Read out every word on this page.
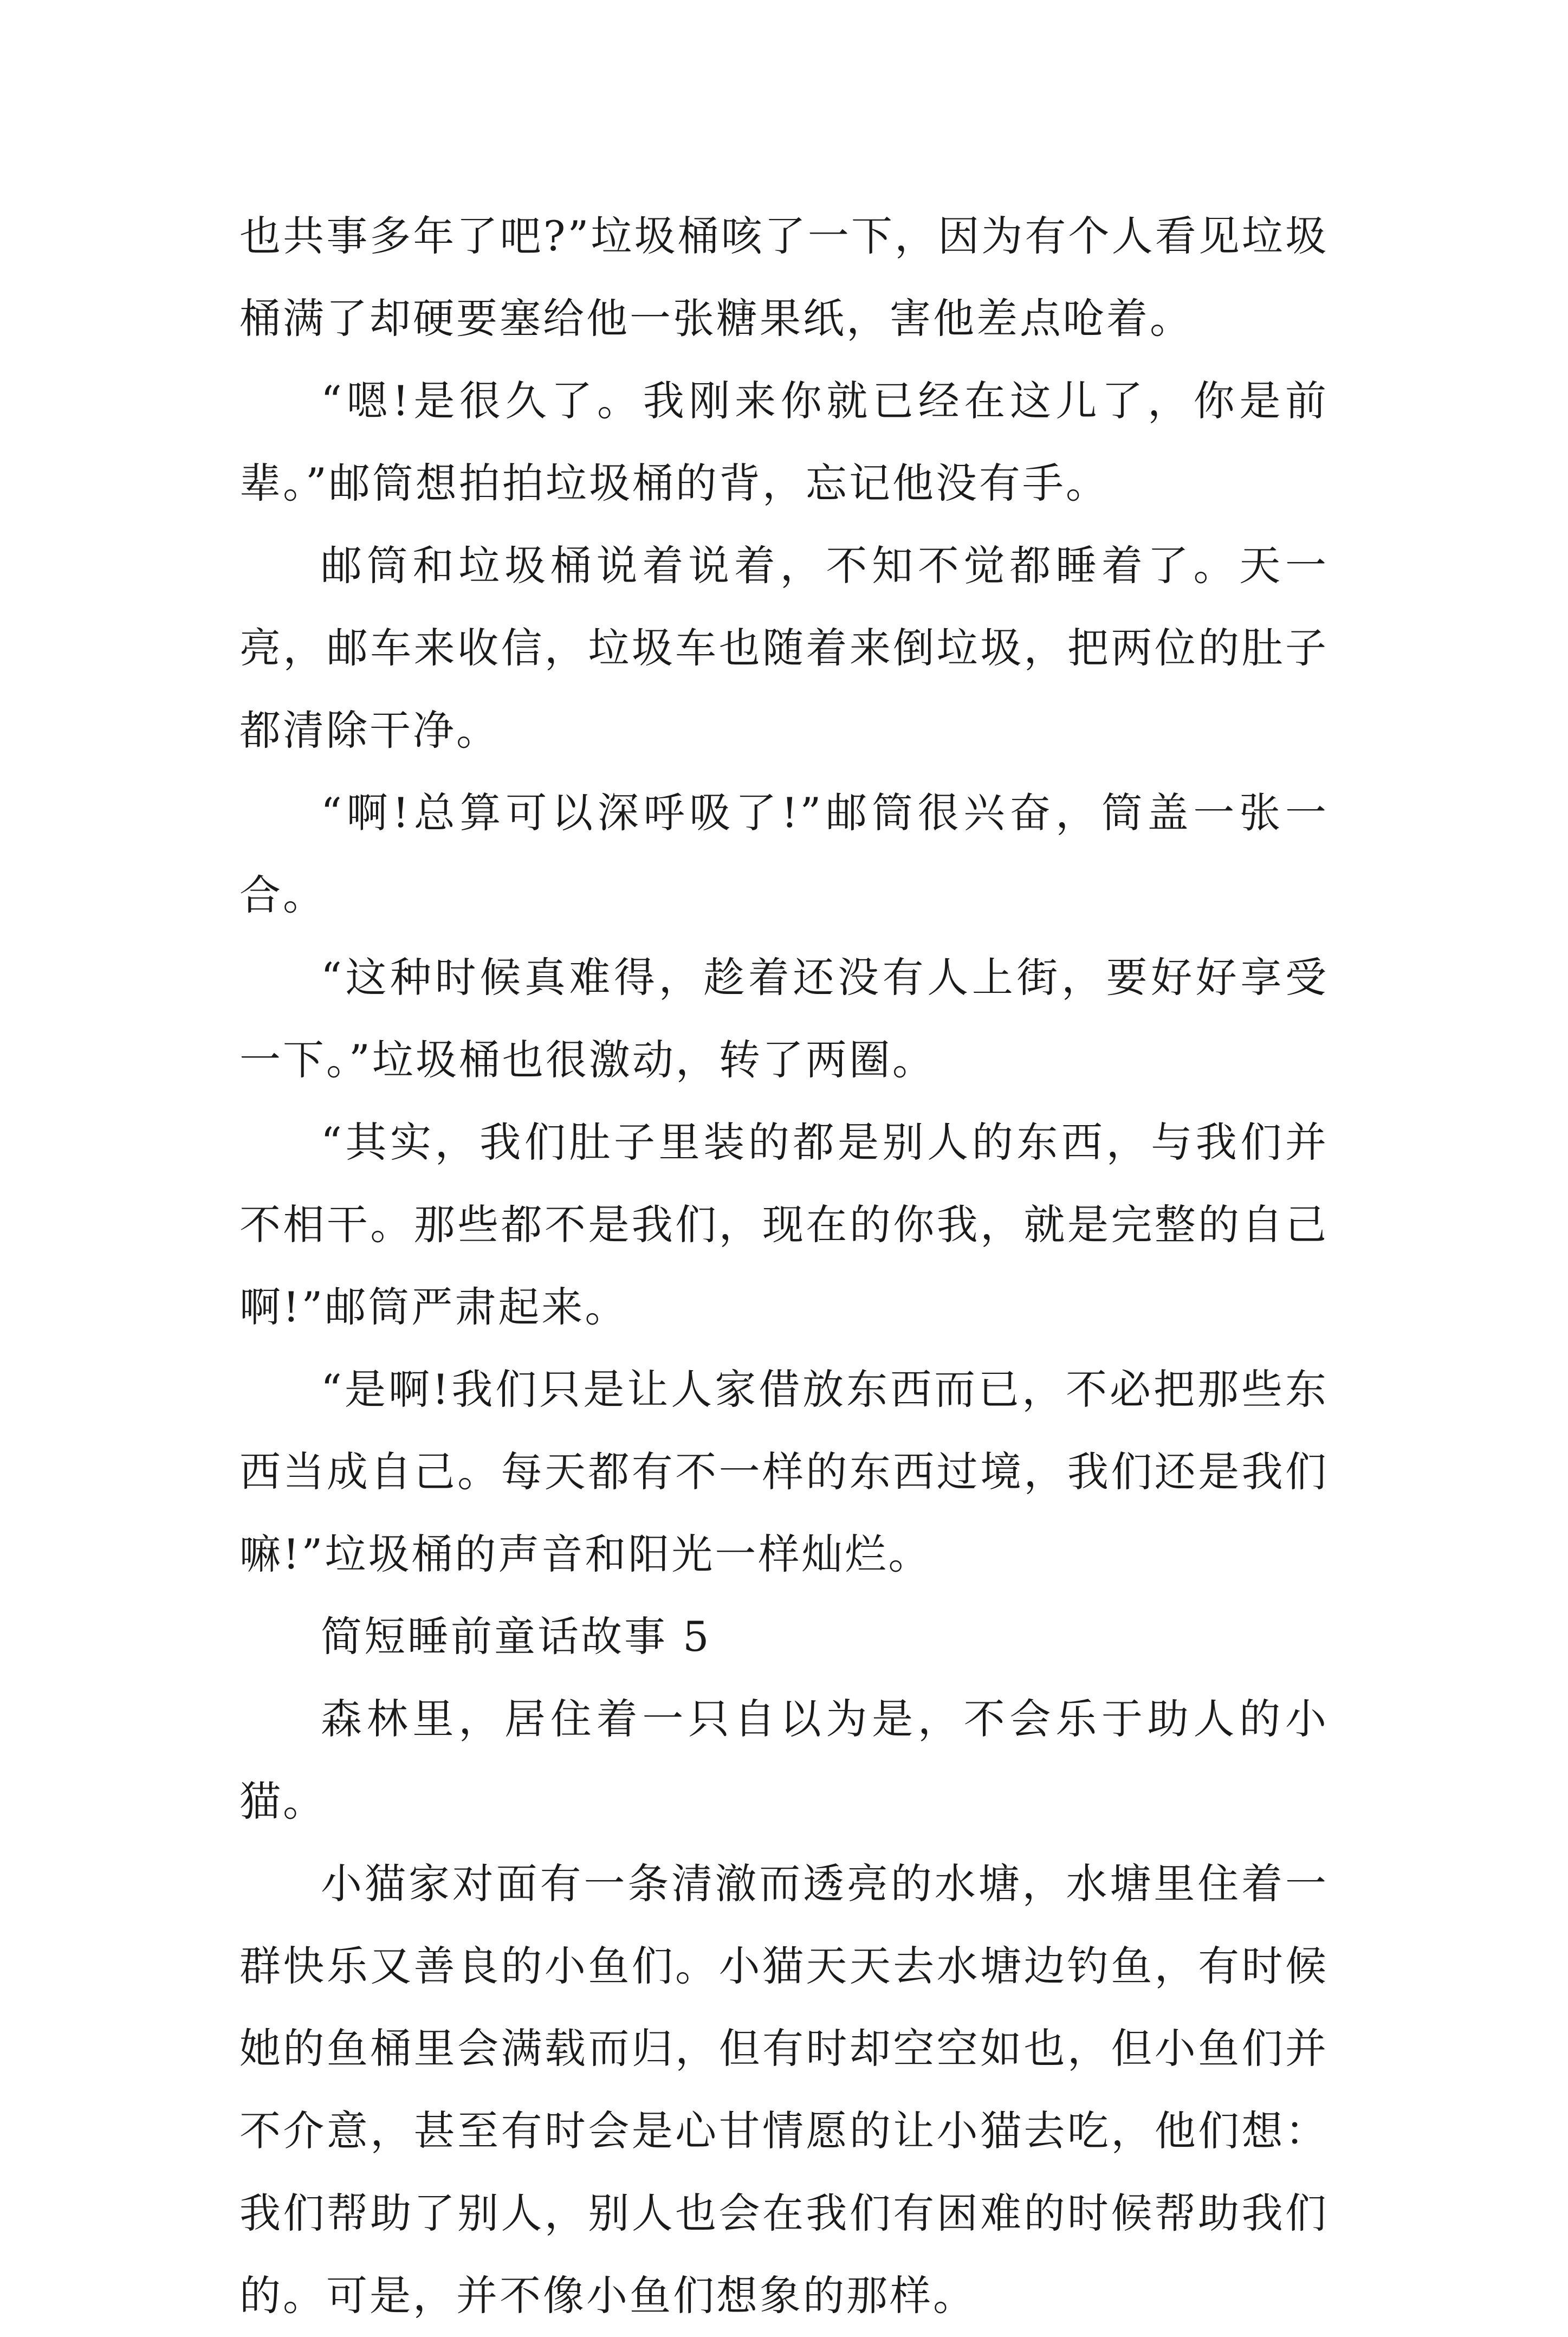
也共事多年了吧?”垃圾桶咳了一下，因为有个人看见垃圾桶满了却硬要塞给他一张糖果纸，害他差点呛着。

“嗯!是很久了。我刚来你就已经在这儿了，你是前辈。”邮筒想拍拍垃圾桶的背，忘记他没有手。

邮筒和垃圾桶说着说着，不知不觉都睡着了。天一亮，邮车来收信，垃圾车也随着来倒垃圾，把两位的肚子都清除干净。

“啊!总算可以深呼吸了!”邮筒很兴奋，筒盖一张一合。

“这种时候真难得，趁着还没有人上街，要好好享受一下。”垃圾桶也很激动，转了两圈。

“其实，我们肚子里装的都是别人的东西，与我们并不相干。那些都不是我们，现在的你我，就是完整的自己啊!”邮筒严肃起来。

“是啊!我们只是让人家借放东西而已，不必把那些东西当成自己。每天都有不一样的东西过境，我们还是我们嘛!”垃圾桶的声音和阳光一样灿烂。

简短睡前童话故事 5

森林里，居住着一只自以为是，不会乐于助人的小猫。

小猫家对面有一条清澈而透亮的水塘，水塘里住着一群快乐又善良的小鱼们。小猫天天去水塘边钓鱼，有时候她的鱼桶里会满载而归，但有时却空空如也，但小鱼们并不介意，甚至有时会是心甘情愿的让小猫去吃，他们想：我们帮助了别人，别人也会在我们有困难的时候帮助我们的。可是，并不像小鱼们想象的那样。
